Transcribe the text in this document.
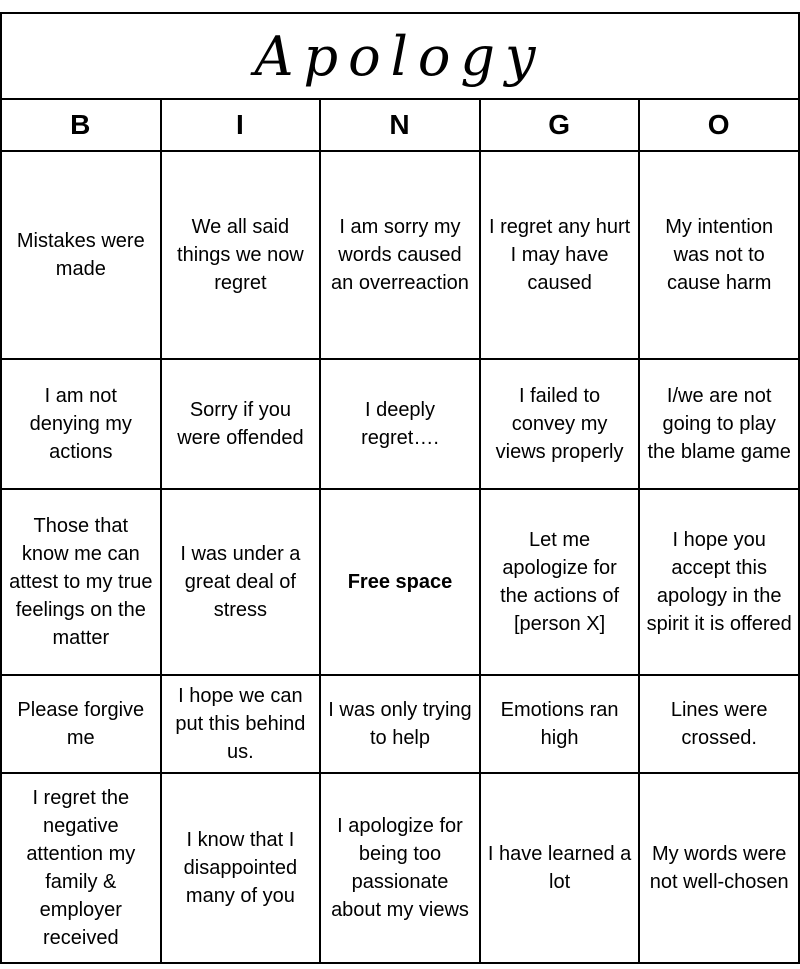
Apology				
B	I	N	G	O
Mistakes were made	We all said things we now regret	I am sorry my words caused an overreaction	I regret any hurt I may have caused	My intention was not to cause harm
I am not denying my actions	Sorry if you were offended	I deeply regret….	I failed to convey my views properly	I/we are not going to play the blame game
Those that know me can attest to my true feelings on the matter	I was under a great deal of stress	Free space	Let me apologize for the actions of [person X]	I hope you accept this apology in the spirit it is offered
Please forgive me	I hope we can put this behind us.	I was only trying to help	Emotions ran high	Lines were crossed.
I regret the negative attention my family & employer received	I know that I disappointed many of you	I apologize for being too passionate about my views	I have learned a lot	My words were not well-chosen
